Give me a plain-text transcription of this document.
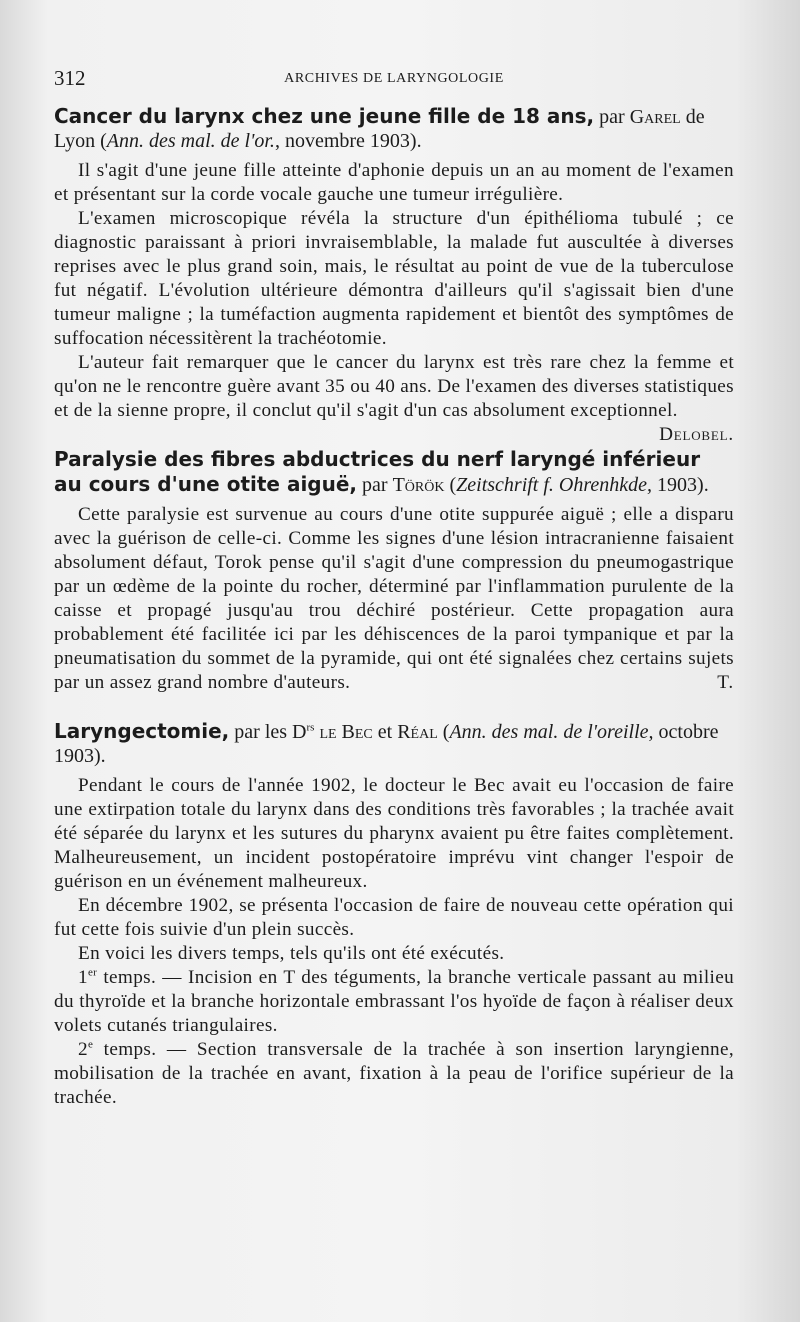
312	ARCHIVES DE LARYNGOLOGIE
Cancer du larynx chez une jeune fille de 18 ans, par Garel de Lyon (Ann. des mal. de l'or., novembre 1903).

Il s'agit d'une jeune fille atteinte d'aphonie depuis un an au moment de l'examen et présentant sur la corde vocale gauche une tumeur irrégulière.

L'examen microscopique révéla la structure d'un épithélioma tubulé ; ce diagnostic paraissant à priori invraisemblable, la malade fut auscultée à diverses reprises avec le plus grand soin, mais, le résultat au point de vue de la tuberculose fut négatif. L'évolution ultérieure démontra d'ailleurs qu'il s'agissait bien d'une tumeur maligne ; la tuméfaction augmenta rapidement et bientôt des symptômes de suffocation nécessitèrent la trachéotomie.

L'auteur fait remarquer que le cancer du larynx est très rare chez la femme et qu'on ne le rencontre guère avant 35 ou 40 ans. De l'examen des diverses statistiques et de la sienne propre, il conclut qu'il s'agit d'un cas absolument exceptionnel.
Delobel.

Paralysie des fibres abductrices du nerf laryngé inférieur au cours d'une otite aiguë, par Török (Zeitschrift f. Ohrenhkde, 1903).

Cette paralysie est survenue au cours d'une otite suppurée aiguë ; elle a disparu avec la guérison de celle-ci. Comme les signes d'une lésion intracranienne faisaient absolument défaut, Torok pense qu'il s'agit d'une compression du pneumogastrique par un œdème de la pointe du rocher, déterminé par l'inflammation purulente de la caisse et propagé jusqu'au trou déchiré postérieur. Cette propagation aura probablement été facilitée ici par les déhiscences de la paroi tympanique et par la pneumatisation du sommet de la pyramide, qui ont été signalées chez certains sujets par un assez grand nombre d'auteurs.	T.

Laryngectomie, par les $D^{rs}$ le Bec et Réal (Ann. des mal. de l'oreille, octobre 1903).

Pendant le cours de l'année 1902, le docteur le Bec avait eu l'occasion de faire une extirpation totale du larynx dans des conditions très favorables ; la trachée avait été séparée du larynx et les sutures du pharynx avaient pu être faites complètement. Malheureusement, un incident postopératoire imprévu vint changer l'espoir de guérison en un événement malheureux.

En décembre 1902, se présenta l'occasion de faire de nouveau cette opération qui fut cette fois suivie d'un plein succès.

En voici les divers temps, tels qu'ils ont été exécutés.

1er temps. — Incision en T des téguments, la branche verticale passant au milieu du thyroïde et la branche horizontale embrassant l'os hyoïde de façon à réaliser deux volets cutanés triangulaires.

2e temps. — Section transversale de la trachée à son insertion laryngienne, mobilisation de la trachée en avant, fixation à la peau de l'orifice supérieur de la trachée.
